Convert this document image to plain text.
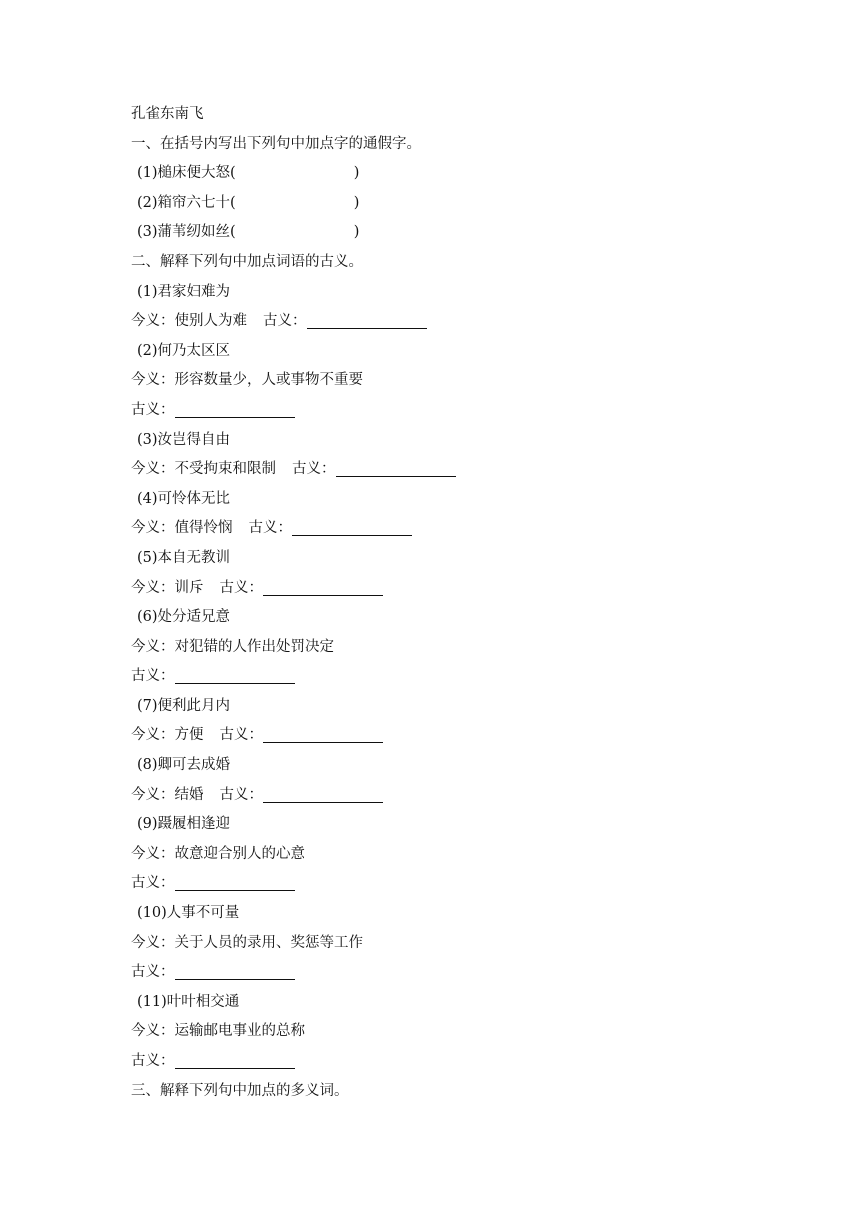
孔雀东南飞
一、在括号内写出下列句中加点字的通假字。
(1)槌床便大怒(	)
(2)箱帘六七十(	)
(3)蒲苇纫如丝(	)
二、解释下列句中加点词语的古义。
(1)君家妇难为
今义：使别人为难 古义：
(2)何乃太区区
今义：形容数量少，人或事物不重要
古义：
(3)汝岂得自由
今义：不受拘束和限制 古义：
(4)可怜体无比
今义：值得怜悯 古义：
(5)本自无教训
今义：训斥 古义：
(6)处分适兄意
今义：对犯错的人作出处罚决定
古义：
(7)便利此月内
今义：方便 古义：
(8)卿可去成婚
今义：结婚 古义：
(9)蹑履相逢迎
今义：故意迎合别人的心意
古义：
(10)人事不可量
今义：关于人员的录用、奖惩等工作
古义：
(11)叶叶相交通
今义：运输邮电事业的总称
古义：
三、解释下列句中加点的多义词。
